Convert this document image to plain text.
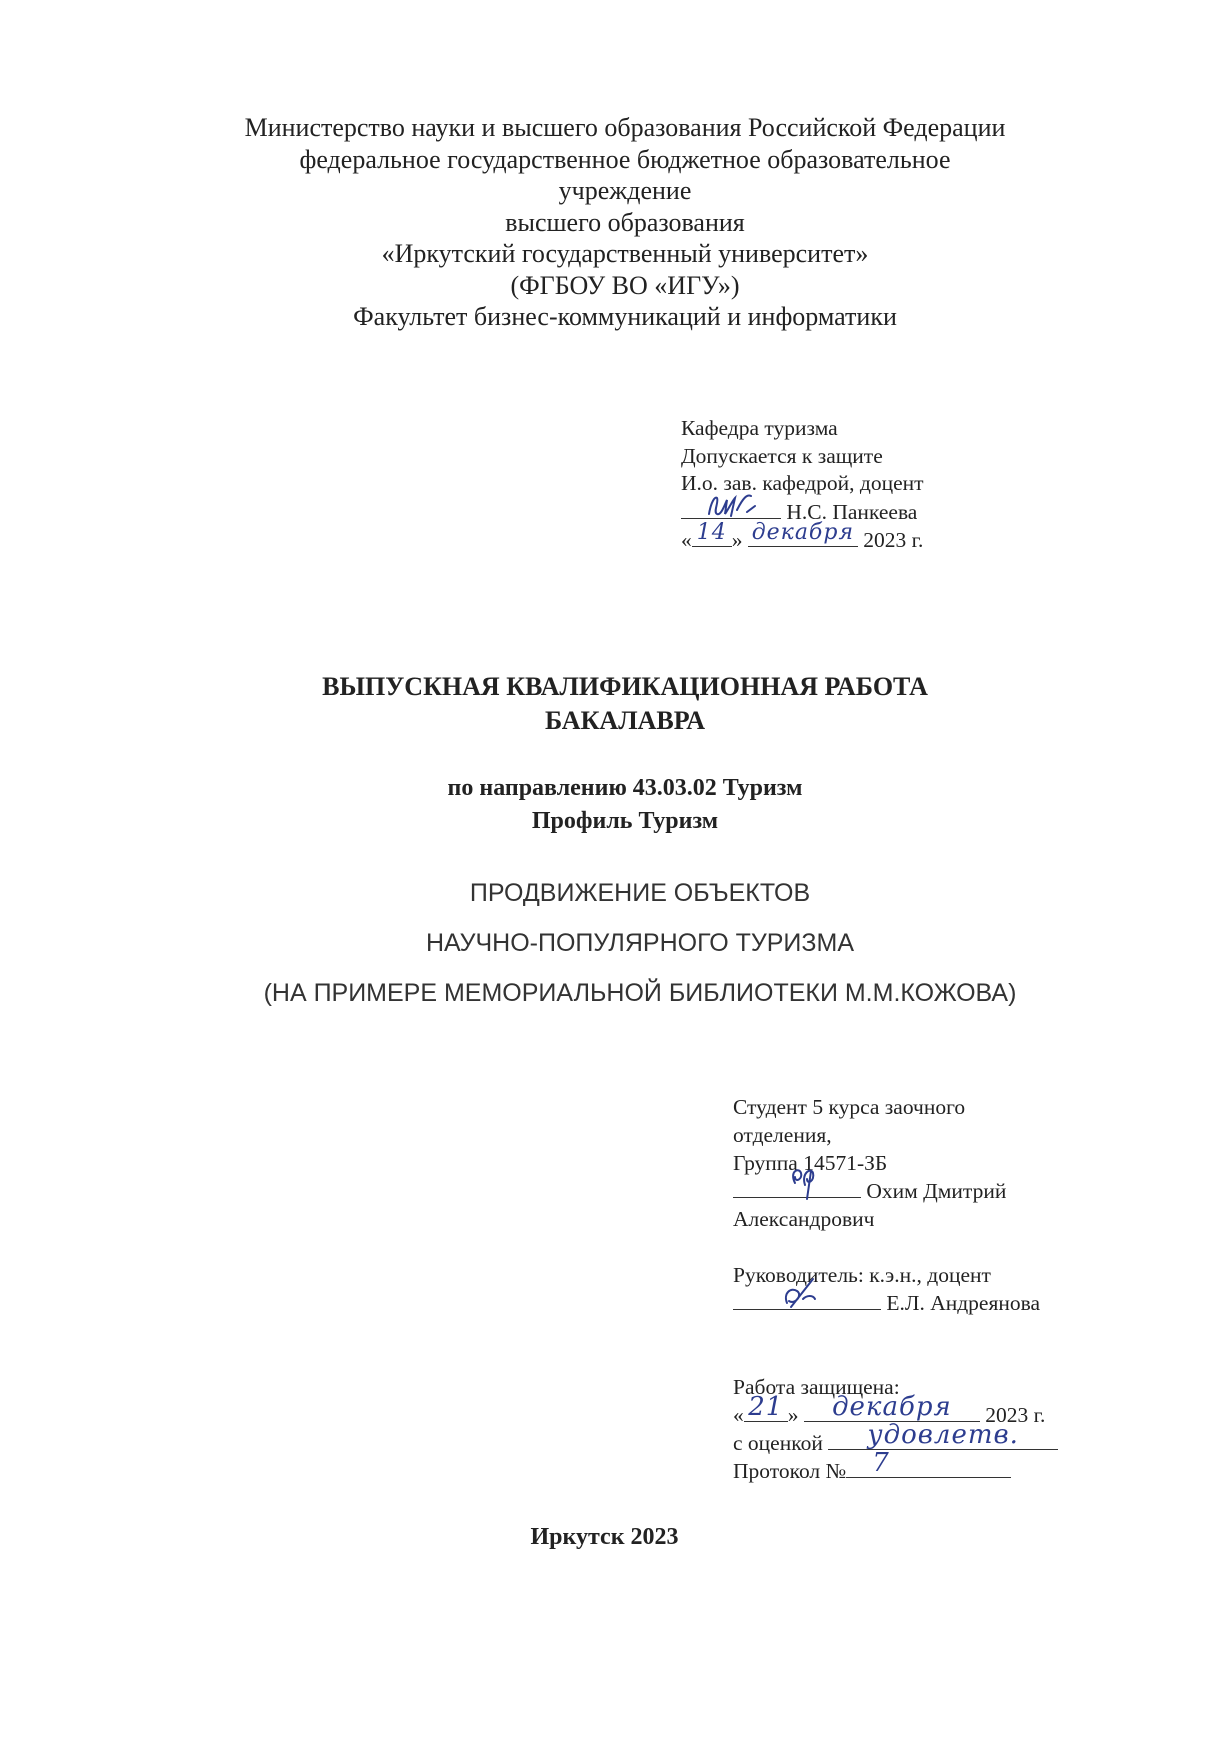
Министерство науки и высшего образования Российской Федерации
федеральное государственное бюджетное образовательное
учреждение
высшего образования
«Иркутский государственный университет»
(ФГБОУ ВО «ИГУ»)
Факультет бизнес-коммуникаций и информатики
Кафедра туризма
Допускается к защите
И.о. зав. кафедрой, доцент
Н.С. Панкеева
« 14 » декабря 2023 г.
ВЫПУСКНАЯ КВАЛИФИКАЦИОННАЯ РАБОТА
БАКАЛАВРА
по направлению 43.03.02 Туризм
Профиль Туризм
ПРОДВИЖЕНИЕ ОБЪЕКТОВ
НАУЧНО-ПОПУЛЯРНОГО ТУРИЗМА
(НА ПРИМЕРЕ МЕМОРИАЛЬНОЙ БИБЛИОТЕКИ М.М.КОЖОВА)
Студент 5 курса заочного
отделения,
Группа 14571-ЗБ
Охим Дмитрий
Александрович
Руководитель: к.э.н., доцент
Е.Л. Андреянова
Работа защищена:
« 21 »	декабря	2023 г.
с оценкой	удовлетв.
Протокол №	7
Иркутск 2023
